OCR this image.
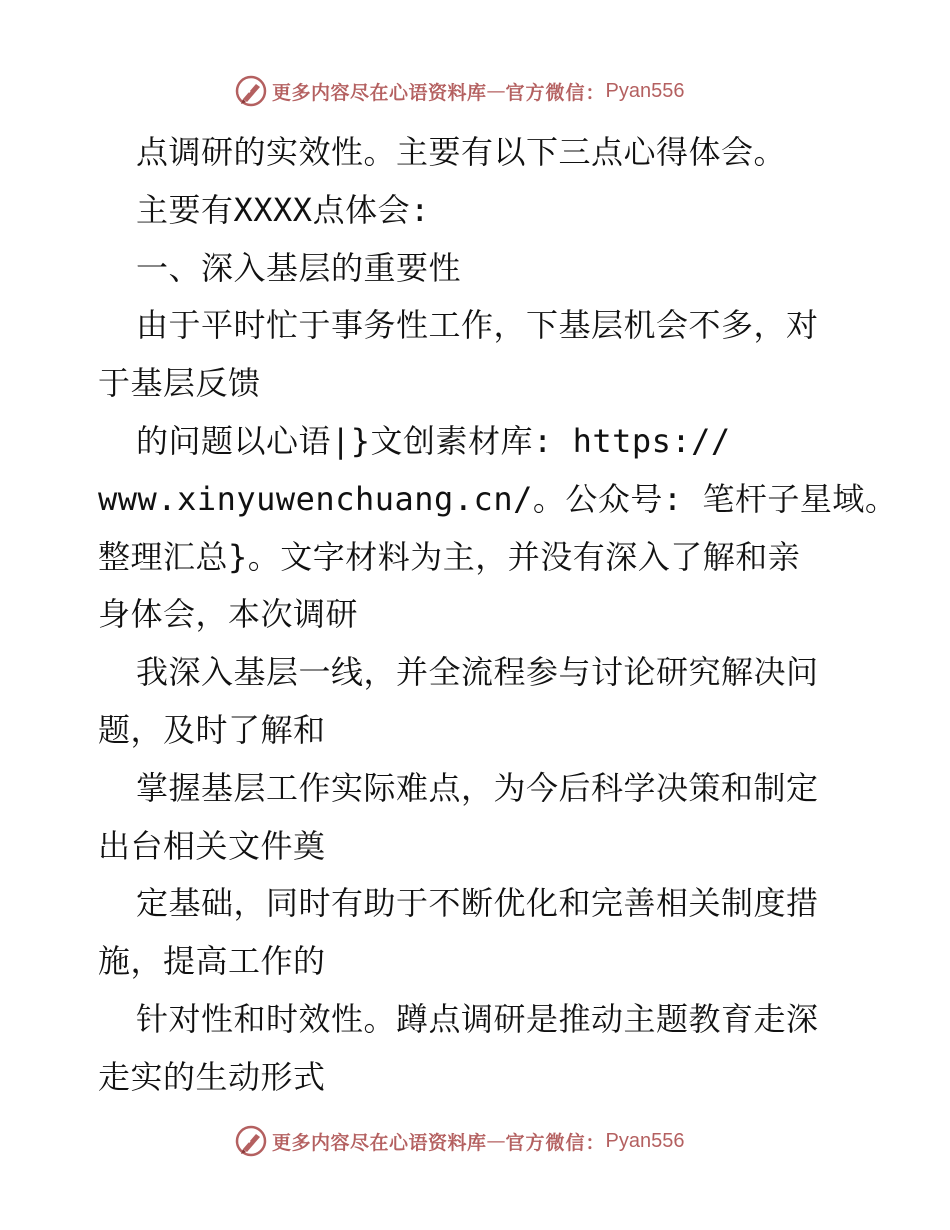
更多内容尽在心语资料库 — 官方微信： Pyan556
点调研的实效性。主要有以下三点心得体会。
主要有XXXX点体会:
一、深入基层的重要性
由于平时忙于事务性工作，下基层机会不多，对
于基层反馈
的问题以心语|}文创素材库: https://
www.xinyuwenchuang.cn/。公众号: 笔杆子星域。
整理汇总}。文字材料为主，并没有深入了解和亲
身体会，本次调研
我深入基层一线，并全流程参与讨论研究解决问
题，及时了解和
掌握基层工作实际难点，为今后科学决策和制定
出台相关文件奠
定基础，同时有助于不断优化和完善相关制度措
施，提高工作的
针对性和时效性。蹲点调研是推动主题教育走深
走实的生动形式
更多内容尽在心语资料库 — 官方微信： Pyan556
